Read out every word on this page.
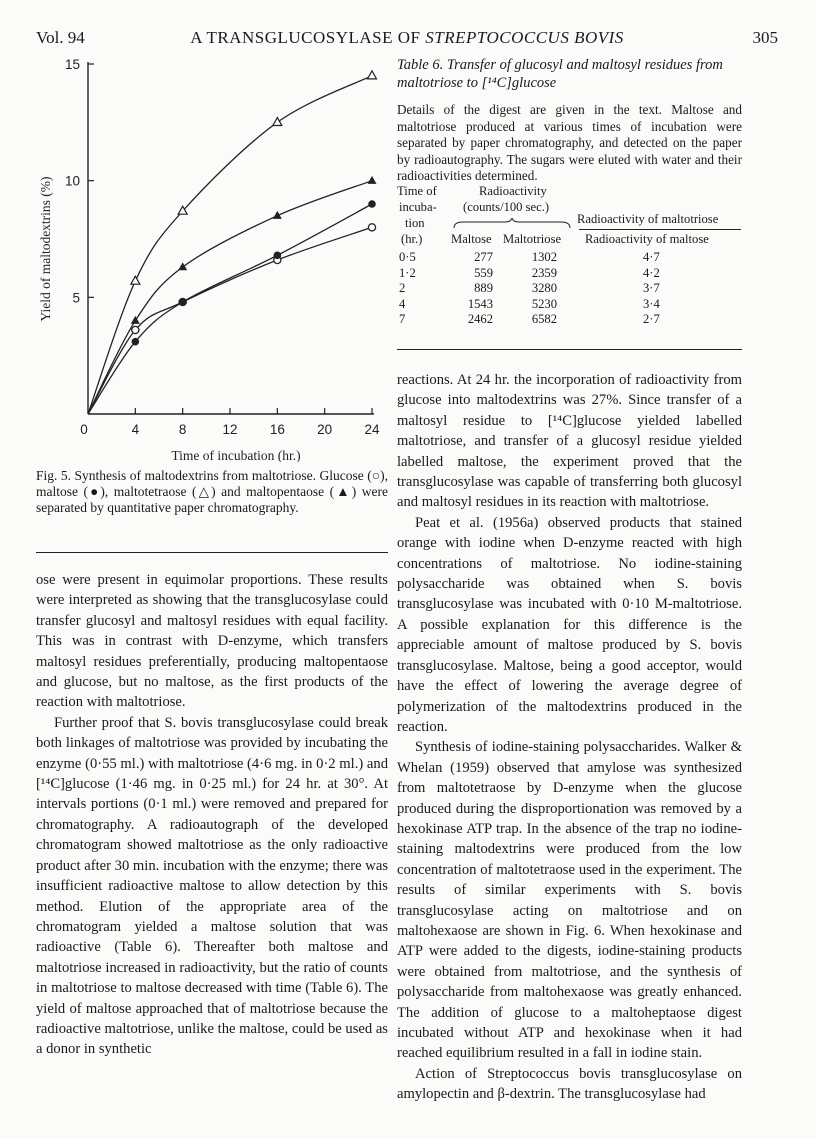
Vol. 94	A TRANSGLUCOSYLASE OF STREPTOCOCCUS BOVIS	305
0	4	8	12 16 20 24
5
10
15
Time of incubation (hr.)
Yield of maltodextrins (%)
Fig. 5. Synthesis of maltodextrins from maltotriose. Glucose (○), maltose (●), maltotetraose (△) and maltopentaose (▲) were separated by quantitative paper chromatography.
Table 6. Transfer of glucosyl and maltosyl residues from maltotriose to [¹⁴C]glucose
Details of the digest are given in the text. Maltose and maltotriose produced at various times of incubation were separated by paper chromatography, and detected on the paper by radioautography. The sugars were eluted with water and their radioactivities determined.
Time of
incuba-
tion
(hr.)
Radioactivity
(counts/100 sec.)
Maltose Maltotriose
Radioactivity of maltotriose
Radioactivity of maltose
0·5	277	1302	4·7
1·2	559	2359	4·2
2	889	3280	3·7
4	1543	5230	3·4
7	2462	6582	2·7

ose were present in equimolar proportions. These results were interpreted as showing that the transglucosylase could transfer glucosyl and maltosyl residues with equal facility. This was in contrast with D-enzyme, which transfers maltosyl residues preferentially, producing maltopentaose and glucose, but no maltose, as the first products of the reaction with maltotriose.

Further proof that S. bovis transglucosylase could break both linkages of maltotriose was provided by incubating the enzyme (0·55 ml.) with maltotriose (4·6 mg. in 0·2 ml.) and [¹⁴C]glucose (1·46 mg. in 0·25 ml.) for 24 hr. at 30°. At intervals portions (0·1 ml.) were removed and prepared for chromatography. A radioautograph of the developed chromatogram showed maltotriose as the only radioactive product after 30 min. incubation with the enzyme; there was insufficient radioactive maltose to allow detection by this method. Elution of the appropriate area of the chromatogram yielded a maltose solution that was radioactive (Table 6). Thereafter both maltose and maltotriose increased in radioactivity, but the ratio of counts in maltotriose to maltose decreased with time (Table 6). The yield of maltose approached that of maltotriose because the radioactive maltotriose, unlike the maltose, could be used as a donor in synthetic

reactions. At 24 hr. the incorporation of radioactivity from glucose into maltodextrins was 27%. Since transfer of a maltosyl residue to [¹⁴C]glucose yielded labelled maltotriose, and transfer of a glucosyl residue yielded labelled maltose, the experiment proved that the transglucosylase was capable of transferring both glucosyl and maltosyl residues in its reaction with maltotriose.

Peat et al. (1956a) observed products that stained orange with iodine when D-enzyme reacted with high concentrations of maltotriose. No iodine-staining polysaccharide was obtained when S. bovis transglucosylase was incubated with 0·10 M-maltotriose. A possible explanation for this difference is the appreciable amount of maltose produced by S. bovis transglucosylase. Maltose, being a good acceptor, would have the effect of lowering the average degree of polymerization of the maltodextrins produced in the reaction.

Synthesis of iodine-staining polysaccharides. Walker & Whelan (1959) observed that amylose was synthesized from maltotetraose by D-enzyme when the glucose produced during the disproportionation was removed by a hexokinase ATP trap. In the absence of the trap no iodine-staining maltodextrins were produced from the low concentration of maltotetraose used in the experiment. The results of similar experiments with S. bovis transglucosylase acting on maltotriose and on maltohexaose are shown in Fig. 6. When hexokinase and ATP were added to the digests, iodine-staining products were obtained from maltotriose, and the synthesis of polysaccharide from maltohexaose was greatly enhanced. The addition of glucose to a maltoheptaose digest incubated without ATP and hexokinase when it had reached equilibrium resulted in a fall in iodine stain.

Action of Streptococcus bovis transglucosylase on amylopectin and β-dextrin. The transglucosylase had
